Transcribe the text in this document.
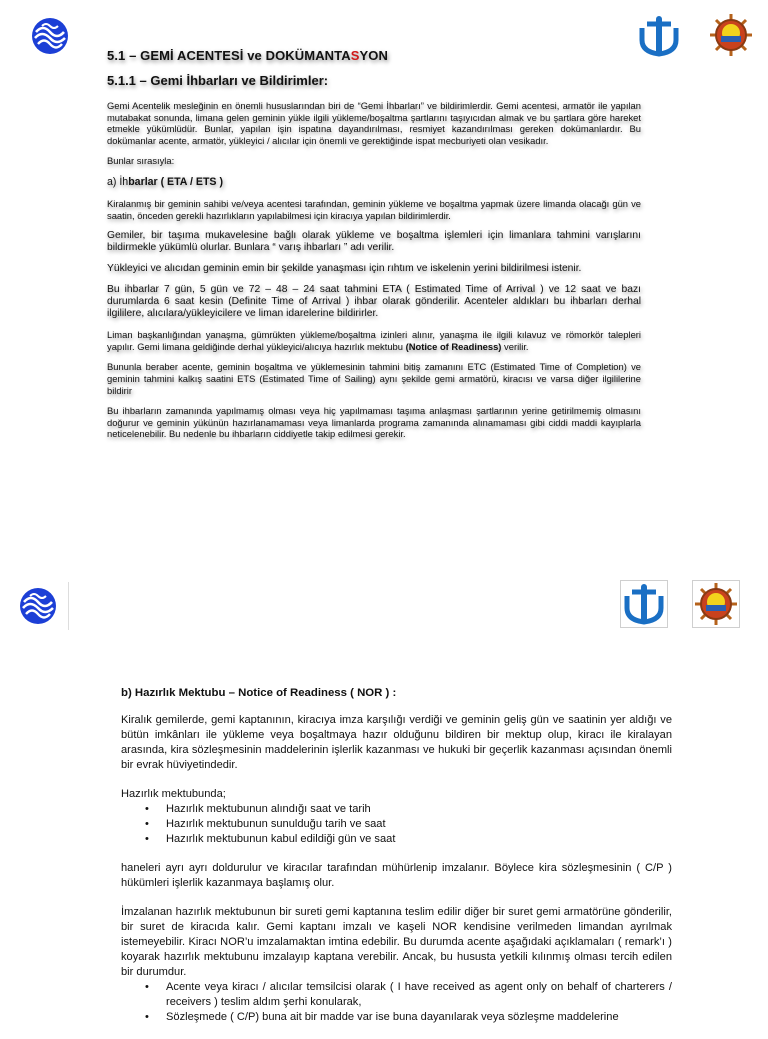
5.1 – GEMİ ACENTESİ ve DOKÜMANTASYON
5.1.1 – Gemi İhbarları ve Bildirimler:

Gemi Acentelik mesleğinin en önemli hususlarından biri de “Gemi İhbarları” ve bildirimlerdir. Gemi acentesi, armatör ile yapılan mutabakat sonunda, limana gelen geminin yükle ilgili yükleme/boşaltma şartlarını taşıyıcıdan almak ve bu şartlara göre hareket etmekle yükümlüdür. Bunlar, yapılan işin ispatına dayandırılması, resmiyet kazandırılması gereken dokümanlardır. Bu dokümanlar acente, armatör, yükleyici / alıcılar için önemli ve gerektiğinde ispat mecburiyeti olan vesikadır.

Bunlar sırasıyla:

a) İhbarlar ( ETA / ETS )

Kiralanmış bir geminin sahibi ve/veya acentesi tarafından, geminin yükleme ve boşaltma yapmak üzere limanda olacağı gün ve saatin, önceden gerekli hazırlıkların yapılabilmesi için kiracıya yapılan bildirimlerdir.

Gemiler, bir taşıma mukavelesine bağlı olarak yükleme ve boşaltma işlemleri için limanlara tahmini varışlarını bildirmekle yükümlü olurlar. Bunlara “ varış ihbarları ” adı verilir.

Yükleyici ve alıcıdan geminin emin bir şekilde yanaşması için rıhtım ve iskelenin yerini bildirilmesi istenir.

Bu ihbarlar 7 gün, 5 gün ve 72 – 48 – 24 saat tahmini ETA ( Estimated Time of Arrival ) ve 12 saat ve bazı durumlarda 6 saat kesin (Definite Time of Arrival ) ihbar olarak gönderilir. Acenteler aldıkları bu ihbarları derhal ilgililere, alıcılara/yükleyicilere ve liman idarelerine bildirirler.

Liman başkanlığından yanaşma, gümrükten yükleme/boşaltma izinleri alınır, yanaşma ile ilgili kılavuz ve römorkör talepleri yapılır. Gemi limana geldiğinde derhal yükleyici/alıcıya hazırlık mektubu (Notice of Readiness) verilir.

Bununla beraber acente, geminin boşaltma ve yüklemesinin tahmini bitiş zamanını ETC (Estimated Time of Completion) ve geminin tahmini kalkış saatini ETS (Estimated Time of Sailing) aynı şekilde gemi armatörü, kiracısı ve varsa diğer ilgililerine bildirir

Bu ihbarların zamanında yapılmamış olması veya hiç yapılmaması taşıma anlaşması şartlarının yerine getirilmemiş olmasını doğurur ve geminin yükünün hazırlanamaması veya limanlarda programa zamanında alınamaması gibi ciddi maddi kayıplarla neticelenebilir. Bu nedenle bu ihbarların ciddiyetle takip edilmesi gerekir.

b) Hazırlık Mektubu – Notice of Readiness ( NOR ) :

Kiralık gemilerde, gemi kaptanının, kiracıya imza karşılığı verdiği ve geminin geliş gün ve saatinin yer aldığı ve bütün imkânları ile yükleme veya boşaltmaya hazır olduğunu bildiren bir mektup olup, kiracı ile kiralayan arasında, kira sözleşmesinin maddelerinin işlerlik kazanması ve hukuki bir geçerlik kazanması açısından önemli bir evrak hüviyetindedir.

Hazırlık mektubunda;

• Hazırlık mektubunun alındığı saat ve tarih
• Hazırlık mektubunun sunulduğu tarih ve saat
• Hazırlık mektubunun kabul edildiği gün ve saat

haneleri ayrı ayrı doldurulur ve kiracılar tarafından mühürlenip imzalanır. Böylece kira sözleşmesinin ( C/P ) hükümleri işlerlik kazanmaya başlamış olur.

İmzalanan hazırlık mektubunun bir sureti gemi kaptanına teslim edilir diğer bir suret gemi armatörüne gönderilir, bir suret de kiracıda kalır. Gemi kaptanı imzalı ve kaşeli NOR kendisine verilmeden limandan ayrılmak istemeyebilir. Kiracı NOR’u imzalamaktan imtina edebilir. Bu durumda acente aşağıdaki açıklamaları ( remark’ı ) koyarak hazırlık mektubunu imzalayıp kaptana verebilir. Ancak, bu hususta yetkili kılınmış olması tercih edilen bir durumdur.

• Acente veya kiracı / alıcılar temsilcisi olarak ( I have received as agent only on behalf of charterers / receivers ) teslim aldım şerhi konularak,
• Sözleşmede ( C/P) buna ait bir madde var ise buna dayanılarak veya sözleşme maddelerine
